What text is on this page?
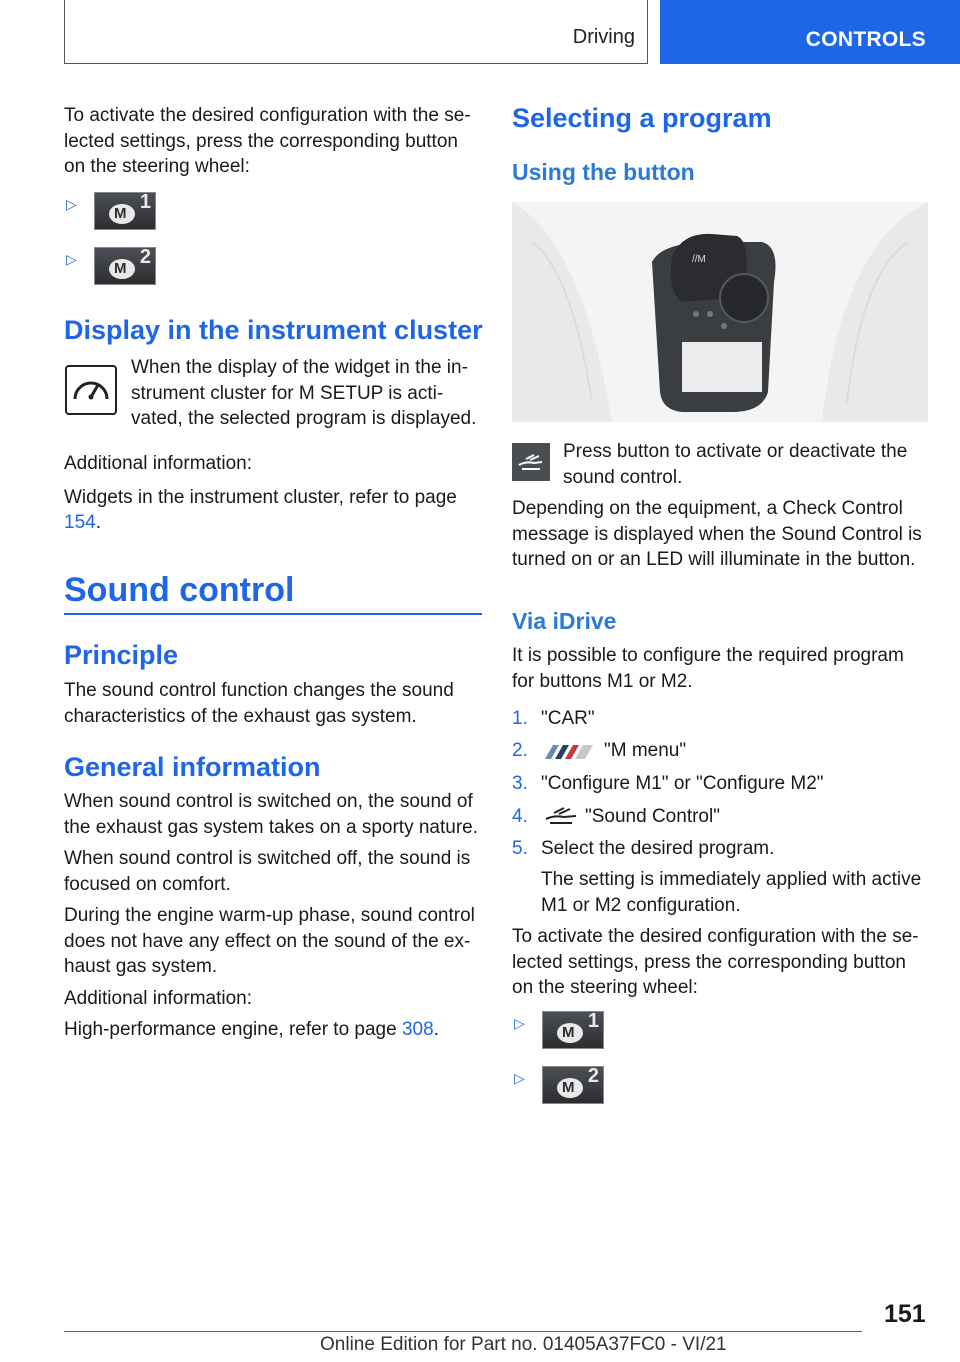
Driving	CONTROLS

To activate the desired configuration with the se-lected settings, press the corresponding button on the steering wheel:

▷
M
1
▷
M
2
Display in the instrument cluster

When the display of the widget in the in-strument cluster for M SETUP is acti-vated, the selected program is displayed.

Additional information:

Widgets in the instrument cluster, refer to page 154.

Sound control
Principle

The sound control function changes the sound characteristics of the exhaust gas system.

General information

When sound control is switched on, the sound of the exhaust gas system takes on a sporty nature.

When sound control is switched off, the sound is focused on comfort.

During the engine warm-up phase, sound control does not have any effect on the sound of the ex-haust gas system.

Additional information:

High-performance engine, refer to page 308.

Selecting a program
Using the button
//M

Press button to activate or deactivate the sound control.

Depending on the equipment, a Check Control message is displayed when the Sound Control is turned on or an LED will illuminate in the button.

Via iDrive

It is possible to configure the required program for buttons M1 or M2.

1. "CAR"
2.	"M menu"
3. "Configure M1" or "Configure M2"
4.	"Sound Control"
5. Select the desired program.

The setting is immediately applied with active M1 or M2 configuration.

To activate the desired configuration with the se-lected settings, press the corresponding button on the steering wheel:

▷
M
1
▷
M
2
151
Online Edition for Part no. 01405A37FC0 - VI/21
